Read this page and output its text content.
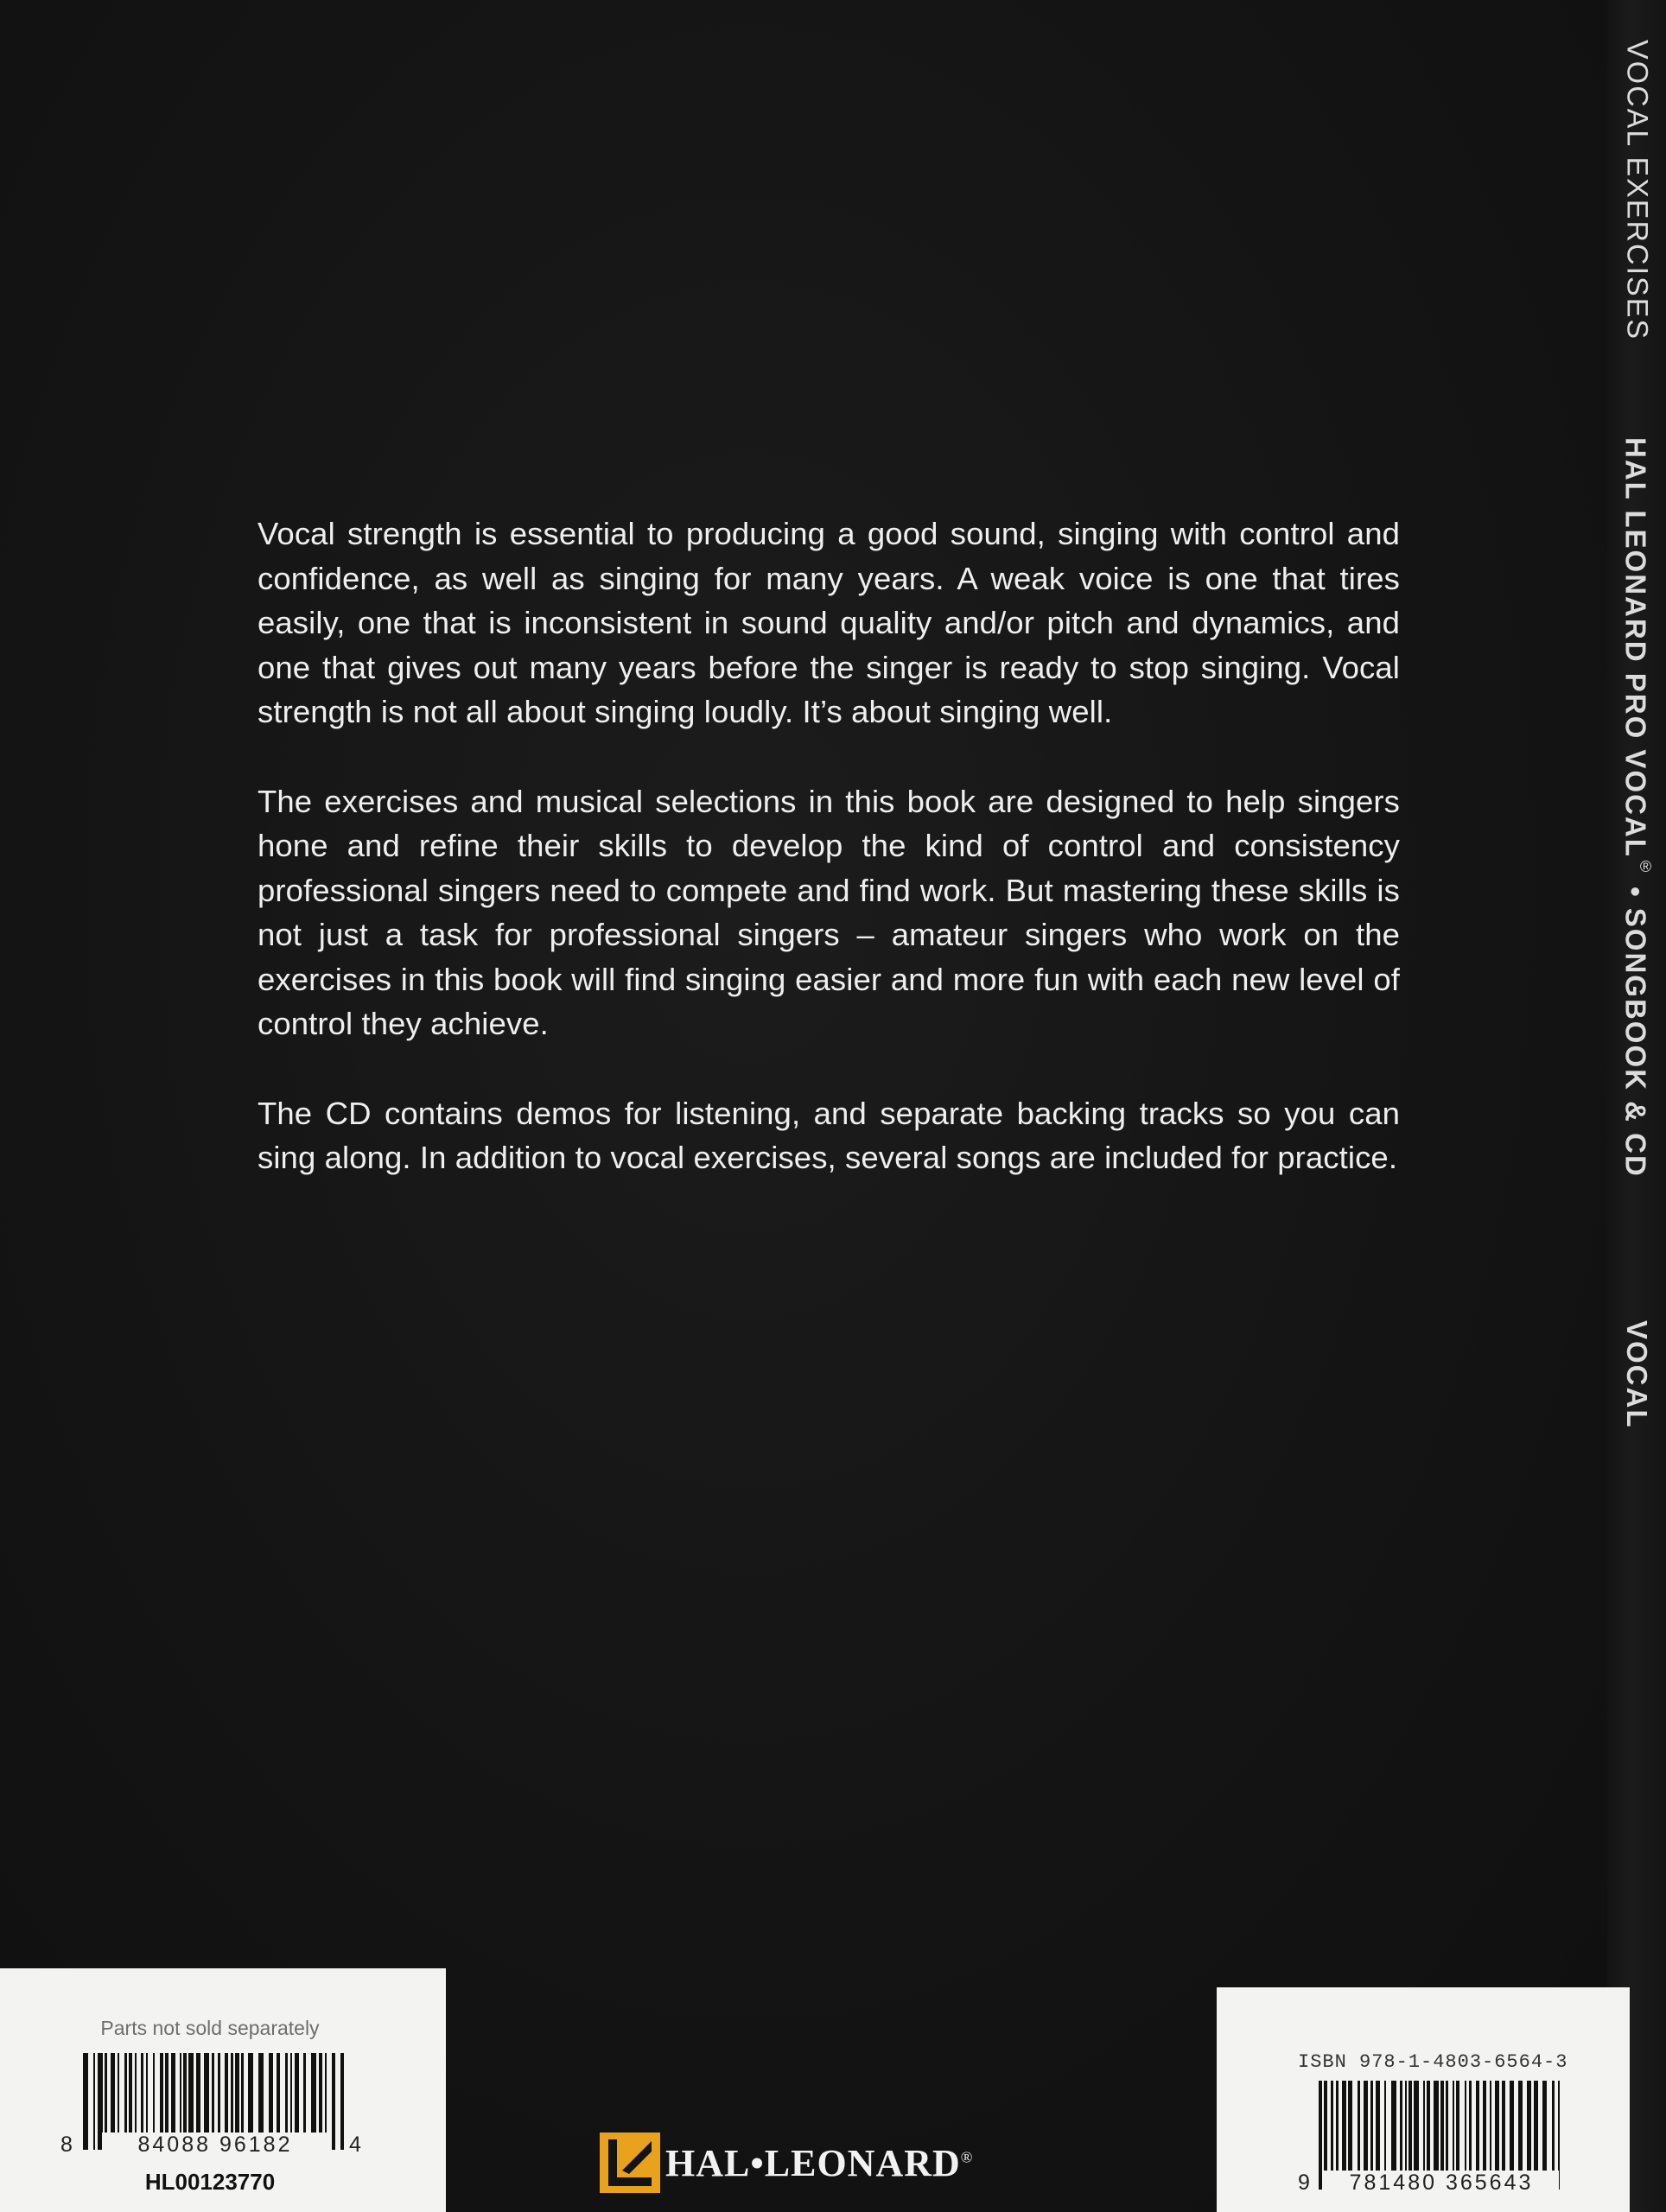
Vocal strength is essential to producing a good sound, singing with control and confidence, as well as singing for many years. A weak voice is one that tires easily, one that is inconsistent in sound quality and/or pitch and dynamics, and one that gives out many years before the singer is ready to stop singing. Vocal strength is not all about singing loudly. It’s about singing well.

The exercises and musical selections in this book are designed to help singers hone and refine their skills to develop the kind of control and consistency professional singers need to compete and find work. But mastering these skills is not just a task for professional singers – amateur singers who work on the exercises in this book will find singing easier and more fun with each new level of control they achieve.

The CD contains demos for listening, and separate backing tracks so you can sing along. In addition to vocal exercises, several songs are included for practice.

VOCAL EXERCISES
HAL LEONARD PRO VOCAL® • SONGBOOK & CD
VOCAL
Parts not sold separately
8	84088 96182	4
HL00123770
ISBN 978-1-4803-6564-3
9	781480 365643
HAL•LEONARD®
